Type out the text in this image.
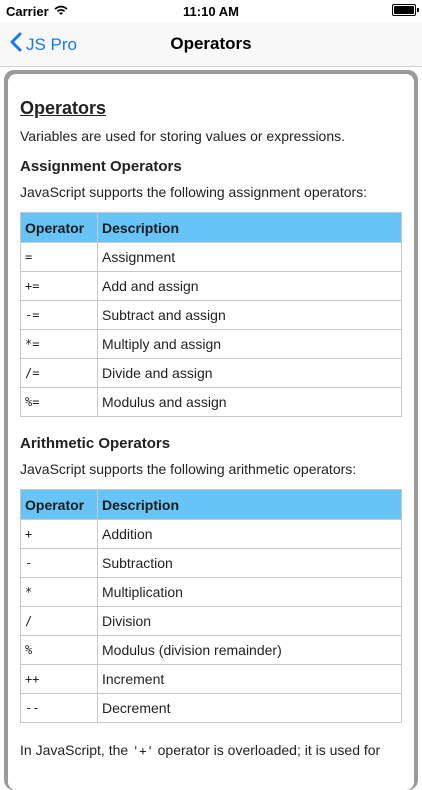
Carrier	11:10 AM
JS Pro	Operators
Operators
Variables are used for storing values or expressions.
Assignment Operators
JavaScript supports the following assignment operators:
Operator	Description
=	Assignment
+=	Add and assign
-=	Subtract and assign
*=	Multiply and assign
/=	Divide and assign
%=	Modulus and assign
Arithmetic Operators
JavaScript supports the following arithmetic operators:
Operator	Description
+	Addition
-	Subtraction
*	Multiplication
/	Division
%	Modulus (division remainder)
++	Increment
--	Decrement
In JavaScript, the '+' operator is overloaded; it is used for
